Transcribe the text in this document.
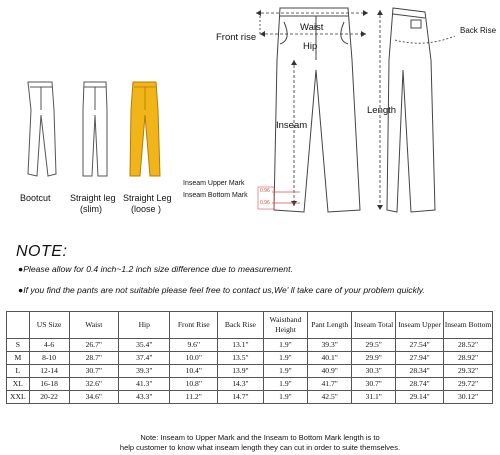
Bootcut Straight leg
(slim)
Straight Leg
(loose )
Front rise
Waist
Hip
Inseam
Length
Inseam Upper Mark
Inseam Bottom Mark
0.96
0.96
Back Rise
NOTE:
●Please allow for 0.4 inch~1.2 inch size difference due to measurement.
●If you find the pants are not suitable please feel free to contact us,We' ll take care of your problem quickly.
	US Size	Waist	Hip	Front Rise	Back Rise	Waistband Height	Pant Length	Inseam Total	Inseam Upper	Inseam Bottom
S	4-6	26.7"	35.4"	9.6"	13.1"	1.9"	39.3"	29.5"	27.54"	28.52"
M	8-10	28.7"	37.4"	10.0"	13.5"	1.9"	40.1"	29.9"	27.94"	28.92"
L	12-14	30.7"	39.3"	10.4"	13.9"	1.9"	40.9"	30.3"	28.34"	29.32"
XL	16-18	32.6"	41.3"	10.8"	14.3"	1.9"	41.7"	30.7"	28.74"	29.72"
XXL	20-22	34.6"	43.3"	11.2"	14.7"	1.9"	42.5"	31.1"	29.14"	30.12"
Note: Inseam to Upper Mark and the Inseam to Bottom Mark length is to
help customer to know what inseam length they can cut in order to suite themselves.
